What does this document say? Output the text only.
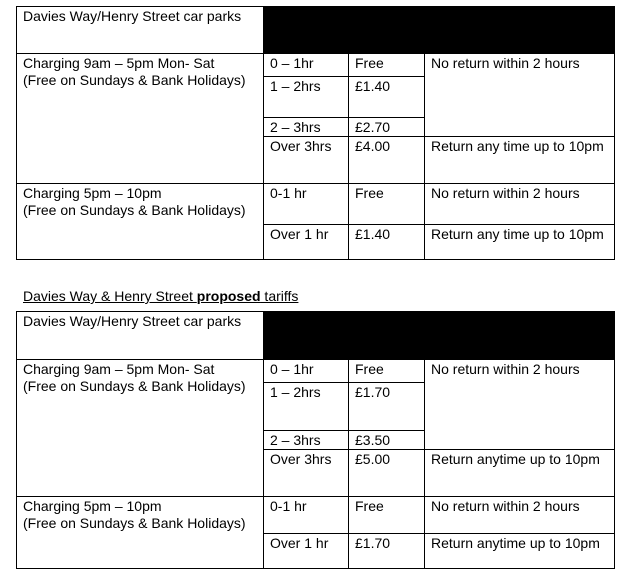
Davies Way/Henry Street car parks			

Charging 9am – 5pm Mon- Sat
(Free on Sundays & Bank Holidays)	0 – 1hr	Free	No return within 2 hours
	1 – 2hrs	£1.40	
	2 – 3hrs	£2.70	
	Over 3hrs	£4.00	Return any time up to 10pm

Charging 5pm – 10pm
(Free on Sundays & Bank Holidays)	0-1 hr	Free	No return within 2 hours
	Over 1 hr	£1.40	Return any time up to 10pm
Davies Way & Henry Street proposed tariffs
Davies Way/Henry Street car parks			

Charging 9am – 5pm Mon- Sat
(Free on Sundays & Bank Holidays)	0 – 1hr	Free	No return within 2 hours
	1 – 2hrs	£1.70	
	2 – 3hrs	£3.50	
	Over 3hrs	£5.00	Return anytime up to 10pm

Charging 5pm – 10pm
(Free on Sundays & Bank Holidays)	0-1 hr	Free	No return within 2 hours
	Over 1 hr	£1.70	Return anytime up to 10pm
